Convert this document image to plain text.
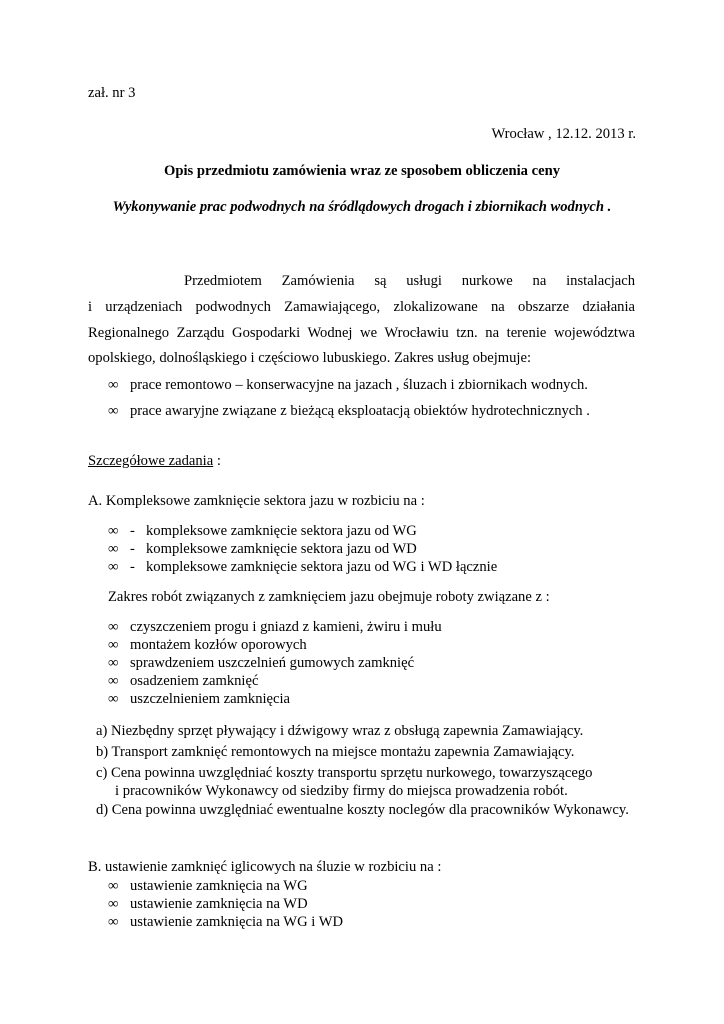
zał. nr 3
Wrocław , 12.12. 2013 r.
Opis przedmiotu zamówienia wraz ze sposobem obliczenia ceny
Wykonywanie prac podwodnych na śródlądowych drogach i zbiornikach wodnych .
Przedmiotem Zamówienia są usługi nurkowe na instalacjach
i urządzeniach podwodnych Zamawiającego, zlokalizowane na obszarze działania
Regionalnego Zarządu Gospodarki Wodnej we Wrocławiu tzn. na terenie województwa
opolskiego, dolnośląskiego i częściowo lubuskiego. Zakres usług obejmuje:
∞ prace remontowo – konserwacyjne na jazach , śluzach i zbiornikach wodnych.
∞ prace awaryjne związane z bieżącą eksploatacją obiektów hydrotechnicznych .
Szczegółowe zadania :
A. Kompleksowe zamknięcie sektora jazu w rozbiciu na :
∞ - kompleksowe zamknięcie sektora jazu od WG
∞ - kompleksowe zamknięcie sektora jazu od WD
∞ - kompleksowe zamknięcie sektora jazu od WG i WD łącznie
Zakres robót związanych z zamknięciem jazu obejmuje roboty związane z :
∞ czyszczeniem progu i gniazd z kamieni, żwiru i mułu
∞ montażem kozłów oporowych
∞ sprawdzeniem uszczelnień gumowych zamknięć
∞ osadzeniem zamknięć
∞ uszczelnieniem zamknięcia
a) Niezbędny sprzęt pływający i dźwigowy wraz z obsługą zapewnia Zamawiający.
b) Transport zamknięć remontowych na miejsce montażu zapewnia Zamawiający.
c) Cena powinna uwzględniać koszty transportu sprzętu nurkowego, towarzyszącego
i pracowników Wykonawcy od siedziby firmy do miejsca prowadzenia robót.
d) Cena powinna uwzględniać ewentualne koszty noclegów dla pracowników Wykonawcy.
B. ustawienie zamknięć iglicowych na śluzie w rozbiciu na :
∞ ustawienie zamknięcia na WG
∞ ustawienie zamknięcia na WD
∞ ustawienie zamknięcia na WG i WD
